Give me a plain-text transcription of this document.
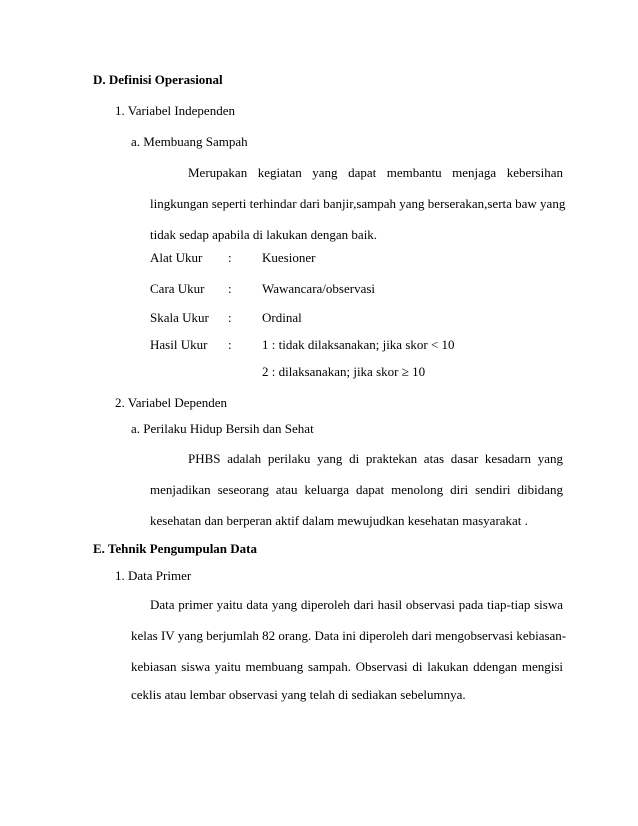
D. Definisi Operasional
1. Variabel Independen
a. Membuang Sampah
Merupakan kegiatan yang dapat membantu menjaga kebersihan
lingkungan seperti terhindar dari banjir,sampah yang berserakan,serta baw yang
tidak sedap apabila di lakukan dengan baik.
Alat Ukur : Kuesioner
Cara Ukur : Wawancara/observasi
Skala Ukur : Ordinal
Hasil Ukur : 1 : tidak dilaksanakan; jika skor < 10
2 : dilaksanakan; jika skor ≥ 10
2. Variabel Dependen
a. Perilaku Hidup Bersih dan Sehat
PHBS adalah perilaku yang di praktekan atas dasar kesadarn yang
menjadikan seseorang atau keluarga dapat menolong diri sendiri dibidang
kesehatan dan berperan aktif dalam mewujudkan kesehatan masyarakat .
E. Tehnik Pengumpulan Data
1. Data Primer
Data primer yaitu data yang diperoleh dari hasil observasi pada tiap-tiap siswa
kelas IV yang berjumlah 82 orang. Data ini diperoleh dari mengobservasi kebiasan-
kebiasan siswa yaitu membuang sampah. Observasi di lakukan ddengan mengisi
ceklis atau lembar observasi yang telah di sediakan sebelumnya.
